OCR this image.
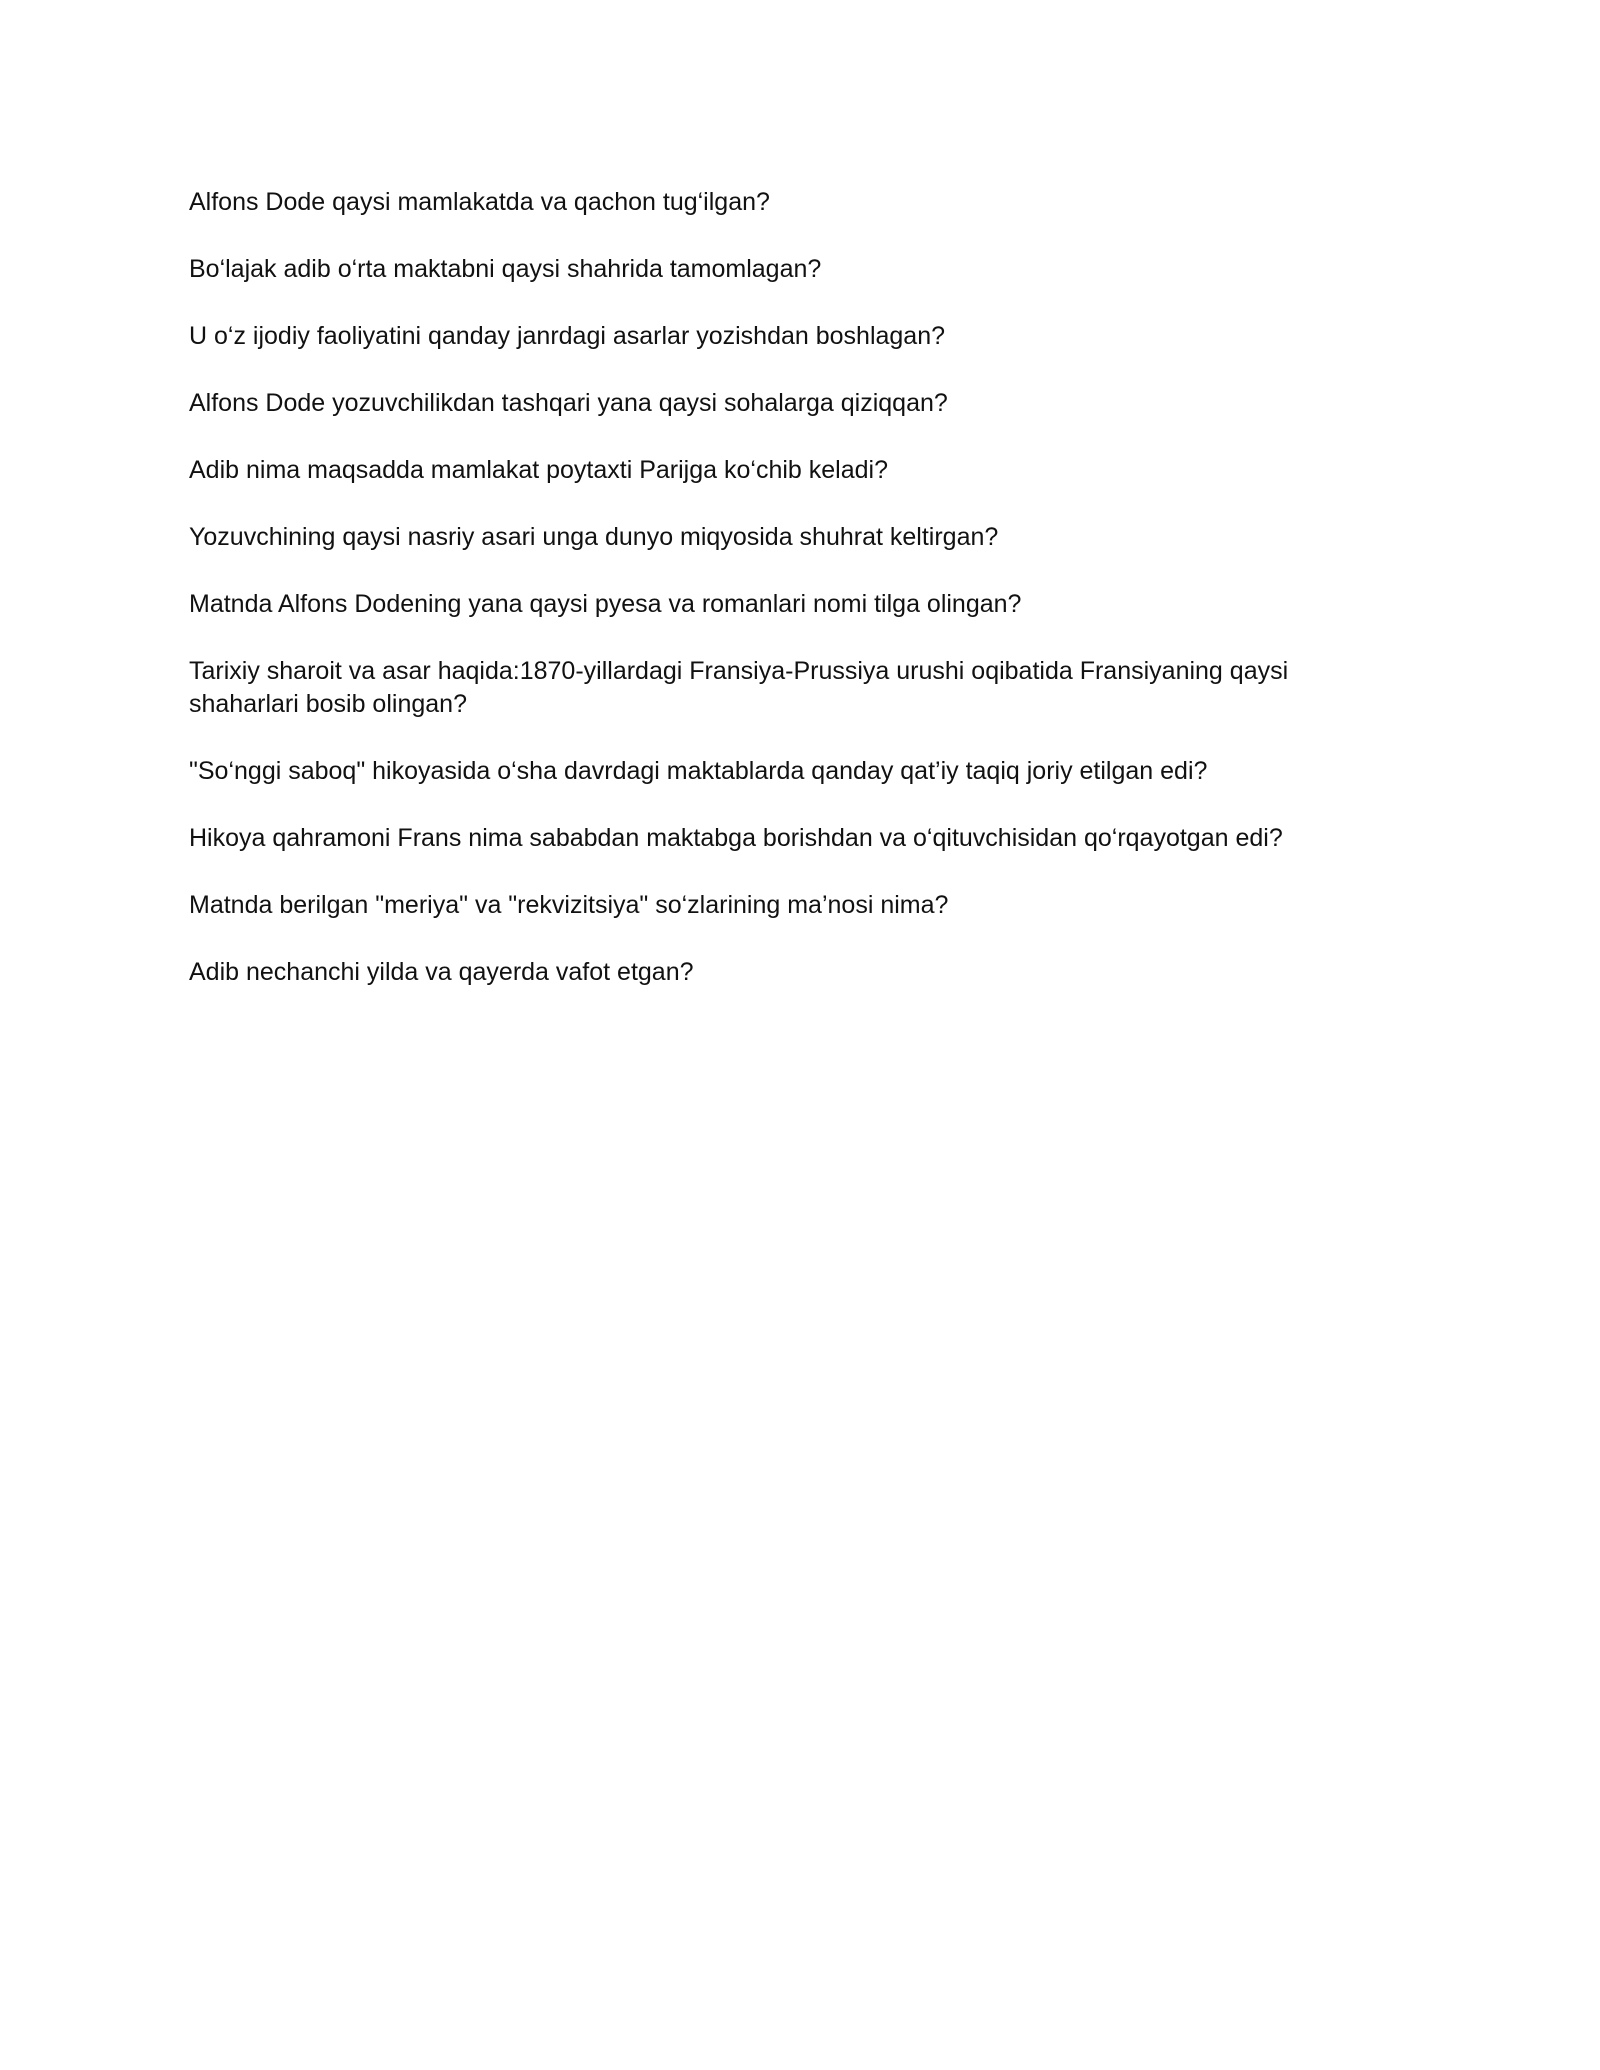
Alfons Dode qaysi mamlakatda va qachon tug‘ilgan?

Bo‘lajak adib o‘rta maktabni qaysi shahrida tamomlagan?

U o‘z ijodiy faoliyatini qanday janrdagi asarlar yozishdan boshlagan?

Alfons Dode yozuvchilikdan tashqari yana qaysi sohalarga qiziqqan?

Adib nima maqsadda mamlakat poytaxti Parijga ko‘chib keladi?

Yozuvchining qaysi nasriy asari unga dunyo miqyosida shuhrat keltirgan?

Matnda Alfons Dodening yana qaysi pyesa va romanlari nomi tilga olingan?

Tarixiy sharoit va asar haqida:1870-yillardagi Fransiya-Prussiya urushi oqibatida Fransiyaning qaysi shaharlari bosib olingan?

"So‘nggi saboq" hikoyasida o‘sha davrdagi maktablarda qanday qat’iy taqiq joriy etilgan edi?

Hikoya qahramoni Frans nima sababdan maktabga borishdan va o‘qituvchisidan qo‘rqayotgan edi?

Matnda berilgan "meriya" va "rekvizitsiya" so‘zlarining ma’nosi nima?

Adib nechanchi yilda va qayerda vafot etgan?
